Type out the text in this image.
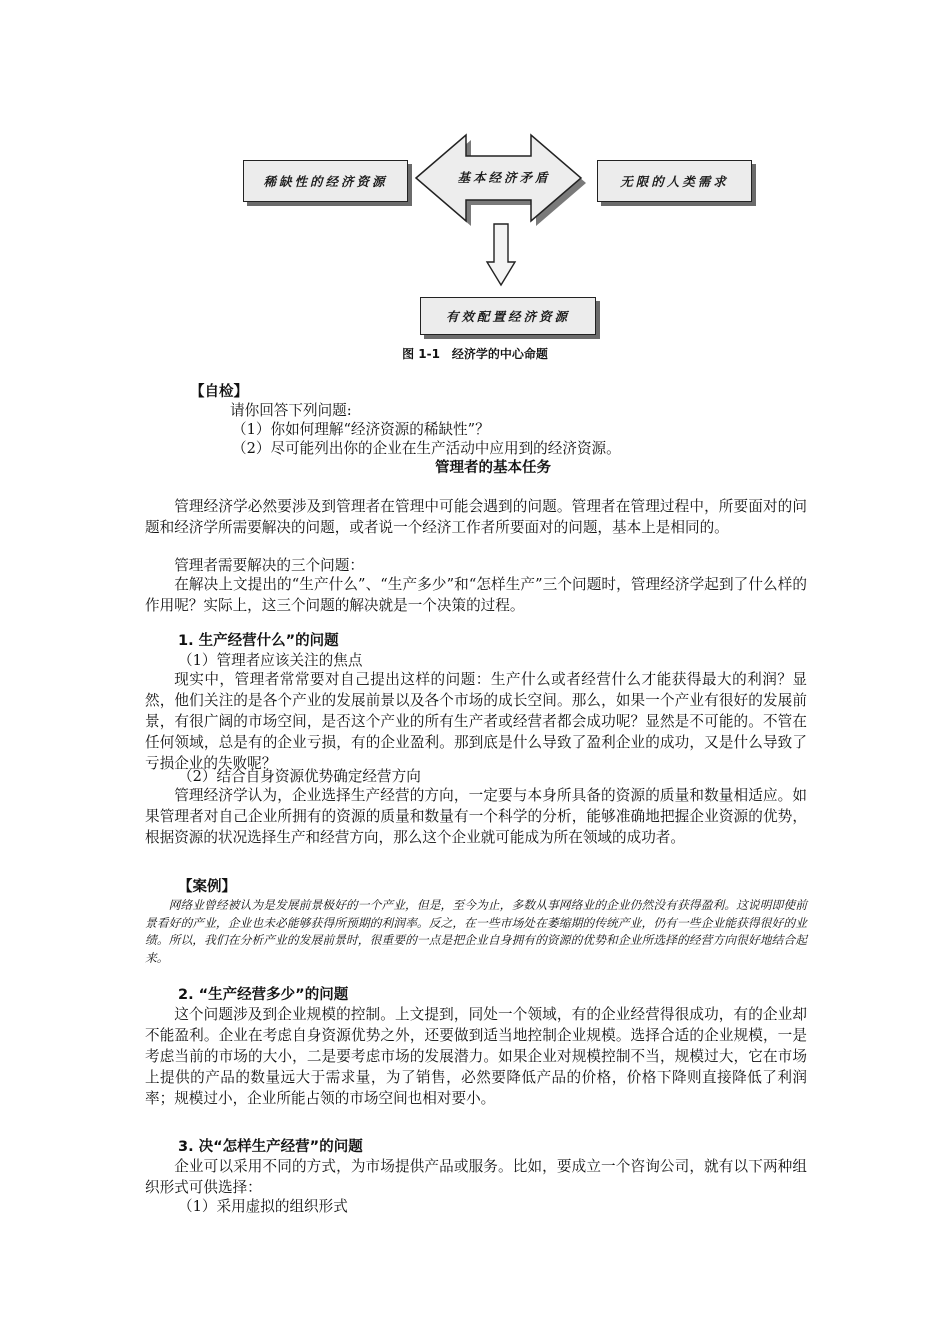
稀缺性的经济资源	基本经济矛盾	无限的人类需求
有效配置经济资源
图 1-1　经济学的中心命题
【自检】
请你回答下列问题:
（1）你如何理解“经济资源的稀缺性”？
（2）尽可能列出你的企业在生产活动中应用到的经济资源。
管理者的基本任务

管理经济学必然要涉及到管理者在管理中可能会遇到的问题。管理者在管理过程中，所要面对的问题和经济学所需要解决的问题，或者说一个经济工作者所要面对的问题，基本上是相同的。

管理者需要解决的三个问题：

在解决上文提出的“生产什么”、“生产多少”和“怎样生产”三个问题时，管理经济学起到了什么样的作用呢？实际上，这三个问题的解决就是一个决策的过程。

1. 生产经营什么”的问题
（1）管理者应该关注的焦点

现实中，管理者常常要对自己提出这样的问题：生产什么或者经营什么才能获得最大的利润？显然，他们关注的是各个产业的发展前景以及各个市场的成长空间。那么，如果一个产业有很好的发展前景，有很广阔的市场空间，是否这个产业的所有生产者或经营者都会成功呢？显然是不可能的。不管在任何领域，总是有的企业亏损，有的企业盈利。那到底是什么导致了盈利企业的成功，又是什么导致了亏损企业的失败呢？

（2）结合自身资源优势确定经营方向

管理经济学认为，企业选择生产经营的方向，一定要与本身所具备的资源的质量和数量相适应。如果管理者对自己企业所拥有的资源的质量和数量有一个科学的分析，能够准确地把握企业资源的优势，根据资源的状况选择生产和经营方向，那么这个企业就可能成为所在领域的成功者。

【案例】

网络业曾经被认为是发展前景极好的一个产业，但是，至今为止，多数从事网络业的企业仍然没有获得盈利。这说明即使前景看好的产业，企业也未必能够获得所预期的利润率。反之，在一些市场处在萎缩期的传统产业，仍有一些企业能获得很好的业绩。所以，我们在分析产业的发展前景时，很重要的一点是把企业自身拥有的资源的优势和企业所选择的经营方向很好地结合起来。

2. “生产经营多少”的问题

这个问题涉及到企业规模的控制。上文提到，同处一个领域，有的企业经营得很成功，有的企业却不能盈利。企业在考虑自身资源优势之外，还要做到适当地控制企业规模。选择合适的企业规模，一是考虑当前的市场的大小，二是要考虑市场的发展潜力。如果企业对规模控制不当，规模过大，它在市场上提供的产品的数量远大于需求量，为了销售，必然要降低产品的价格，价格下降则直接降低了利润率；规模过小，企业所能占领的市场空间也相对要小。

3. 决“怎样生产经营”的问题

企业可以采用不同的方式，为市场提供产品或服务。比如，要成立一个咨询公司，就有以下两种组织形式可供选择：

（1）采用虚拟的组织形式
